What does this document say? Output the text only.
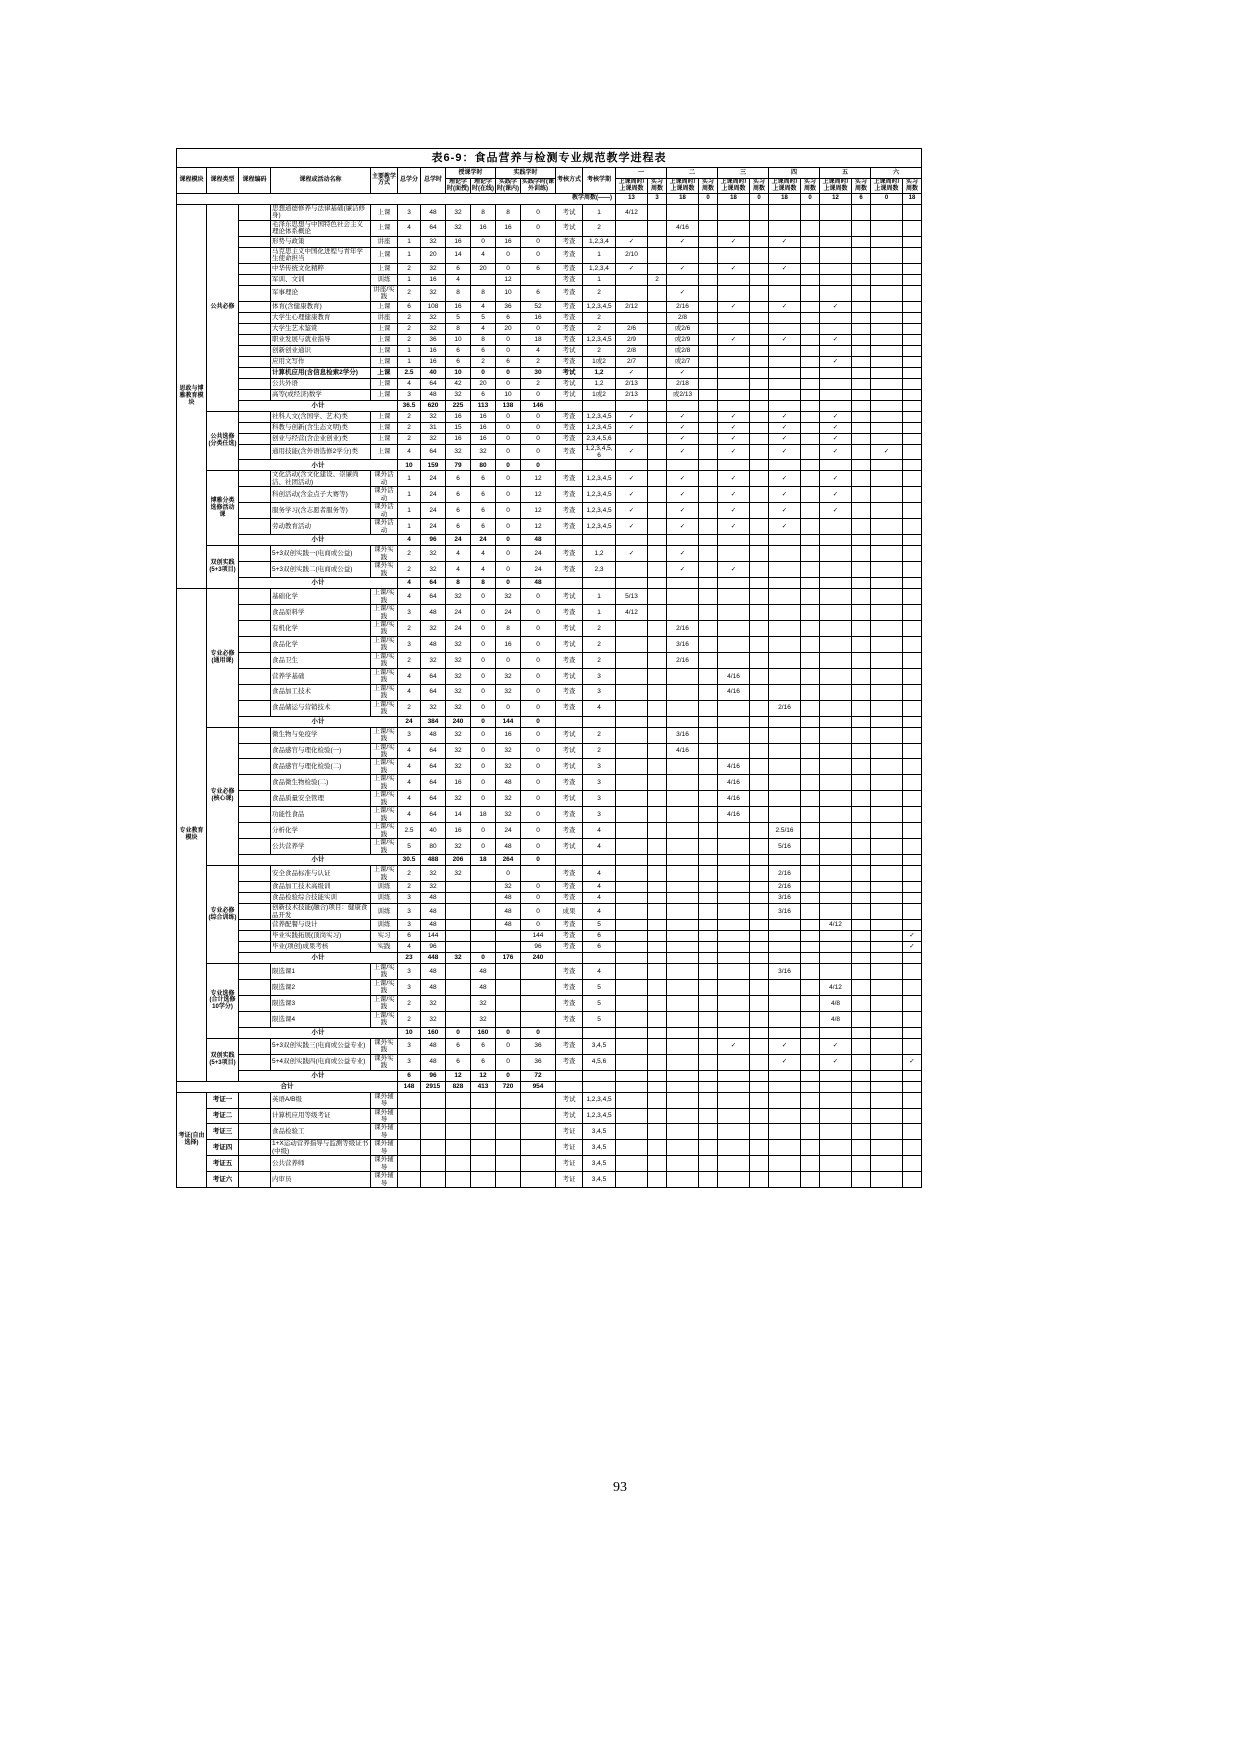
表6-9：食品营养与检测专业规范教学进程表																								
课程模块	课程类型	课程编码	课程或活动名称	主要教学方式	总学分	总学时	授课学时		实践学时		考核方式	考核学期	一		二		三		四		五		六	
							理论学时(面授)	理论学时(在线)	实践学时(课内)	实践学时(课外训练)			上课周时/上课周数	实习周数	上课周时/上课周数	实习周数	上课周时/上课周数	实习周数	上课周时/上课周数	实习周数	上课周时/上课周数	实习周数	上课周时/上课周数	实习周数
教学周数(——)													13	3	18	0	18	0	18	0	12	6	0	18
思政与博雅教育模块	公共必修		思想道德修养与法律基础(廉洁修身)	上课	3	48	32	8	8	0	考试	1	4/12											
			毛泽东思想与中国特色社会主义理论体系概论	上课	4	64	32	16	16	0	考试	2			4/16									
			形势与政策	讲座	1	32	16	0	16	0	考查	1,2,3,4	✓		✓		✓		✓					
			马克思主义中国化进程与青年学生使命担当	上课	1	20	14	4	0	0	考查	1	2/10											
			中华传统文化精粹	上课	2	32	6	20	0	6	考查	1,2,3,4	✓		✓		✓		✓					
			军训、文训	训练	1	16	4		12		考查	1		2										
			军事理论	讲座/实践	2	32	8	8	10	6	考查	2			✓									
			体育(含健康教育)	上课	6	108	16	4	36	52	考查	1,2,3,4,5	2/12		2/16		✓		✓		✓			
			大学生心理健康教育	讲座	2	32	5	5	6	16	考查	2			2/8									
			大学生艺术鉴赏	上课	2	32	8	4	20	0	考查	2	2/6		或2/6									
			职业发展与就业指导	上课	2	36	10	8	0	18	考查	1,2,3,4,5	2/9		或2/9		✓		✓		✓			
			创新创业通识	上课	1	16	6	6	0	4	考试	2	2/8		或2/8									
			应用文写作	上课	1	16	6	2	6	2	考查	1或2	2/7		或2/7						✓			
			计算机应用(含信息检索2学分)	上课	2.5	40	10	0	0	30	考试	1,2	✓		✓									
			公共外语	上课	4	64	42	20	0	2	考试	1,2	2/13		2/18									
			高等(或经济)数学	上课	3	48	32	6	10	0	考试	1或2	2/13		或2/13									
		小计			36.5	620	225	113	138	146														
	公共选修(分类任选)		社科人文(含国学、艺术)类	上课	2	32	16	16	0	0	考查	1,2,3,4,5	✓		✓		✓		✓		✓			
			科教与创新(含生态文明)类	上课	2	31	15	16	0	0	考查	1,2,3,4,5	✓		✓		✓		✓		✓			
			创业与经营(含企业创业)类	上课	2	32	16	16	0	0	考查	2,3,4,5,6			✓		✓		✓		✓			
			通用技能(含外语选修2学分)类	上课	4	64	32	32	0	0	考查	1,2,3,4,5,6	✓		✓		✓		✓		✓		✓	
		小计			10	159	79	80	0	0														
	博雅分类选修活动课		文化活动(含文化建设、崇廉尚洁、社团活动)	课外活动	1	24	6	6	0	12	考查	1,2,3,4,5	✓		✓		✓		✓		✓			
			科创活动(含金点子大赛等)	课外活动	1	24	6	6	0	12	考查	1,2,3,4,5	✓		✓		✓		✓		✓			
			服务学习(含志愿者服务等)	课外活动	1	24	6	6	0	12	考查	1,2,3,4,5	✓		✓		✓		✓		✓			
			劳动教育活动	课外活动	1	24	6	6	0	12	考查	1,2,3,4,5	✓		✓		✓		✓					
		小计			4	96	24	24	0	48														
	双创实践(5+3项目)		5+3双创实践一(电商或公益)	课外实践	2	32	4	4	0	24	考查	1,2	✓		✓									
			5+3双创实践二(电商或公益)	课外实践	2	32	4	4	0	24	考查	2,3			✓		✓							
		小计			4	64	8	8	0	48														
专业教育模块	专业必修(通用课)		基础化学	上课/实践	4	64	32	0	32	0	考试	1	5/13											
			食品原料学	上课/实践	3	48	24	0	24	0	考查	1	4/12											
			有机化学	上课/实践	2	32	24	0	8	0	考试	2			2/16									
			食品化学	上课/实践	3	48	32	0	16	0	考试	2			3/16									
			食品卫生	上课/实践	2	32	32	0	0	0	考查	2			2/16									
			营养学基础	上课/实践	4	64	32	0	32	0	考试	3					4/16							
			食品加工技术	上课/实践	4	64	32	0	32	0	考查	3					4/16							
			食品储运与营销技术	上课/实践	2	32	32	0	0	0	考查	4							2/16					
		小计			24	384	240	0	144	0														
	专业必修(核心课)		微生物与免疫学	上课/实践	3	48	32	0	16	0	考试	2			3/16									
			食品感官与理化检验(一)	上课/实践	4	64	32	0	32	0	考试	2			4/16									
			食品感官与理化检验(二)	上课/实践	4	64	32	0	32	0	考试	3					4/16							
			食品微生物检验(二)	上课/实践	4	64	16	0	48	0	考查	3					4/16							
			食品质量安全管理	上课/实践	4	64	32	0	32	0	考试	3					4/16							
			功能性食品	上课/实践	4	64	14	18	32	0	考查	3					4/16							
			分析化学	上课/实践	2.5	40	16	0	24	0	考查	4							2.5/16					
			公共营养学	上课/实践	5	80	32	0	48	0	考试	4							5/16					
		小计			30.5	488	206	18	264	0														
	专业必修(综合训练)		安全食品标准与认证	上课/实践	2	32	32		0		考查	4							2/16					
			食品加工技术高级训	训练	2	32			32	0	考查	4							2/16					
			食品检验综合技能实训	训练	3	48			48	0	考查	4							3/16					
			创新技术技能(融合)项目：健康食品开发	训练	3	48			48	0	成果	4							3/16					
			营养配餐与设计	训练	3	48			48	0	考查	5									4/12			
			毕业实践拓展(顶岗实习)	实习	6	144				144	考查	6												✓
			毕业(项创)成果考核	实践	4	96				96	考查	6												✓
		小计			23	448	32	0	176	240														
	专业选修(合计选修10学分)		限选课1	上课/实践	3	48		48			考查	4							3/16					
			限选课2	上课/实践	3	48		48			考查	5									4/12			
			限选课3	上课/实践	2	32		32			考查	5									4/8			
			限选课4	上课/实践	2	32		32			考查	5									4/8			
		小计			10	160	0	160	0	0														
	双创实践(5+3项目)		5+3双创实践三(电商或公益专业)	课外实践	3	48	6	6	0	36	考查	3,4,5					✓		✓		✓			
			5+4双创实践四(电商或公益专业)	课外实践	3	48	6	6	0	36	考查	4,5,6							✓		✓			✓
		小计			6	96	12	12	0	72														
合计					148	2915	828	413	720	954														
考证(自由选择)	考证一		英语A/B级	课外辅导							考试	1,2,3,4,5												
	考证二		计算机应用等级考证	课外辅导							考试	1,2,3,4,5												
	考证三		食品检验工	课外辅导							考证	3,4,5												
	考证四		1+X运动营养指导与监测等级证书(中级)	课外辅导							考证	3,4,5												
	考证五		公共营养师	课外辅导							考证	3,4,5												
	考证六		内审员	课外辅导							考证	3,4,5												
93
